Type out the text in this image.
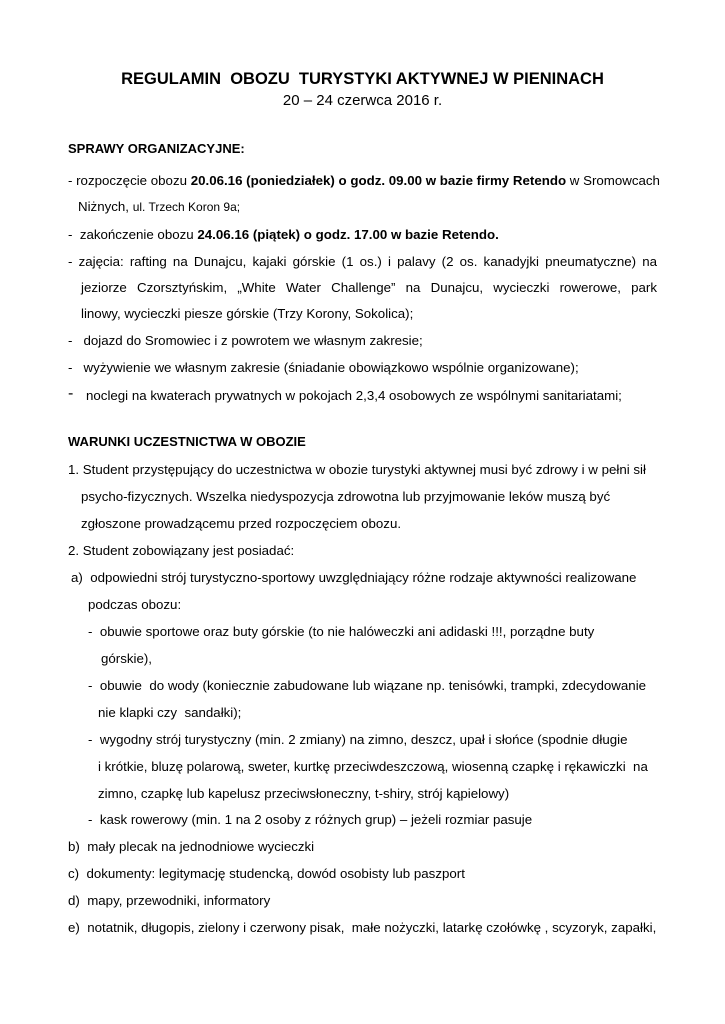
REGULAMIN  OBOZU  TURYSTYKI AKTYWNEJ W PIENINACH
20 – 24 czerwca 2016 r.
SPRAWY ORGANIZACYJNE:
- rozpoczęcie obozu 20.06.16 (poniedziałek) o godz. 09.00 w bazie firmy Retendo w Sromowcach
Niżnych, ul. Trzech Koron 9a;
-  zakończenie obozu 24.06.16 (piątek) o godz. 17.00 w bazie Retendo.
- zajęcia: rafting na Dunajcu, kajaki górskie (1 os.) i palavy (2 os. kanadyjki pneumatyczne) na
jeziorze Czorsztyńskim, „White Water Challenge” na Dunajcu, wycieczki rowerowe, park
linowy, wycieczki piesze górskie (Trzy Korony, Sokolica);
-   dojazd do Sromowiec i z powrotem we własnym zakresie;
-   wyżywienie we własnym zakresie (śniadanie obowiązkowo wspólnie organizowane);
- noclegi na kwaterach prywatnych w pokojach 2,3,4 osobowych ze wspólnymi sanitariatami;
WARUNKI UCZESTNICTWA W OBOZIE
1. Student przystępujący do uczestnictwa w obozie turystyki aktywnej musi być zdrowy i w pełni sił
psycho-fizycznych. Wszelka niedyspozycja zdrowotna lub przyjmowanie leków muszą być
zgłoszone prowadzącemu przed rozpoczęciem obozu.
2. Student zobowiązany jest posiadać:
a)  odpowiedni strój turystyczno-sportowy uwzględniający różne rodzaje aktywności realizowane
podczas obozu:
-  obuwie sportowe oraz buty górskie (to nie halóweczki ani adidaski !!!, porządne buty
górskie),
-  obuwie  do wody (koniecznie zabudowane lub wiązane np. tenisówki, trampki, zdecydowanie
nie klapki czy  sandałki);
-  wygodny strój turystyczny (min. 2 zmiany) na zimno, deszcz, upał i słońce (spodnie długie
i krótkie, bluzę polarową, sweter, kurtkę przeciwdeszczową, wiosenną czapkę i rękawiczki  na
zimno, czapkę lub kapelusz przeciwsłoneczny, t-shiry, strój kąpielowy)
-  kask rowerowy (min. 1 na 2 osoby z różnych grup) – jeżeli rozmiar pasuje
b)  mały plecak na jednodniowe wycieczki
c)  dokumenty: legitymację studencką, dowód osobisty lub paszport
d)  mapy, przewodniki, informatory
e)  notatnik, długopis, zielony i czerwony pisak,  małe nożyczki, latarkę czołówkę , scyzoryk, zapałki,
